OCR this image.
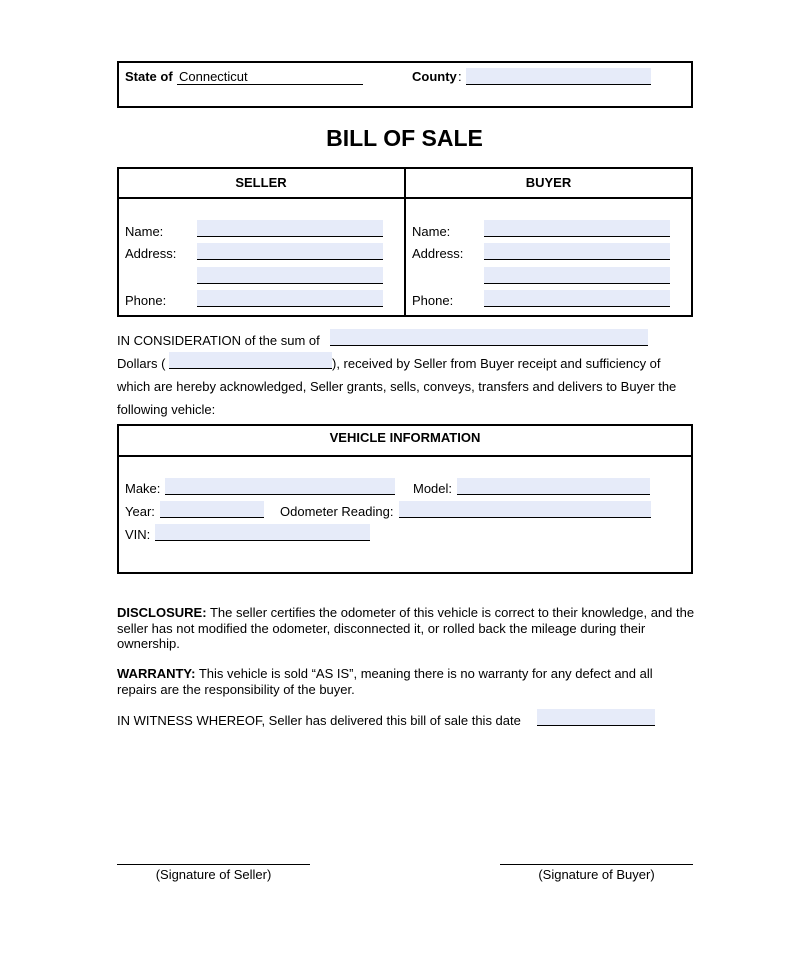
State of Connecticut	County :
BILL OF SALE
SELLER	BUYER
Name:
Address:
Phone:
Name:
Address:
Phone:
IN CONSIDERATION of the sum of
Dollars (	), received by Seller from Buyer receipt and sufficiency of
which are hereby acknowledged, Seller grants, sells, conveys, transfers and delivers to Buyer the
following vehicle:
VEHICLE INFORMATION
Make:	Model:
Year:	Odometer Reading:
VIN:
DISCLOSURE: The seller certifies the odometer of this vehicle is correct to their knowledge, and the seller has not modified the odometer, disconnected it, or rolled back the mileage during their ownership.
WARRANTY: This vehicle is sold “AS IS”, meaning there is no warranty for any defect and all repairs are the responsibility of the buyer.
IN WITNESS WHEREOF, Seller has delivered this bill of sale this date
(Signature of Seller)	(Signature of Buyer)
